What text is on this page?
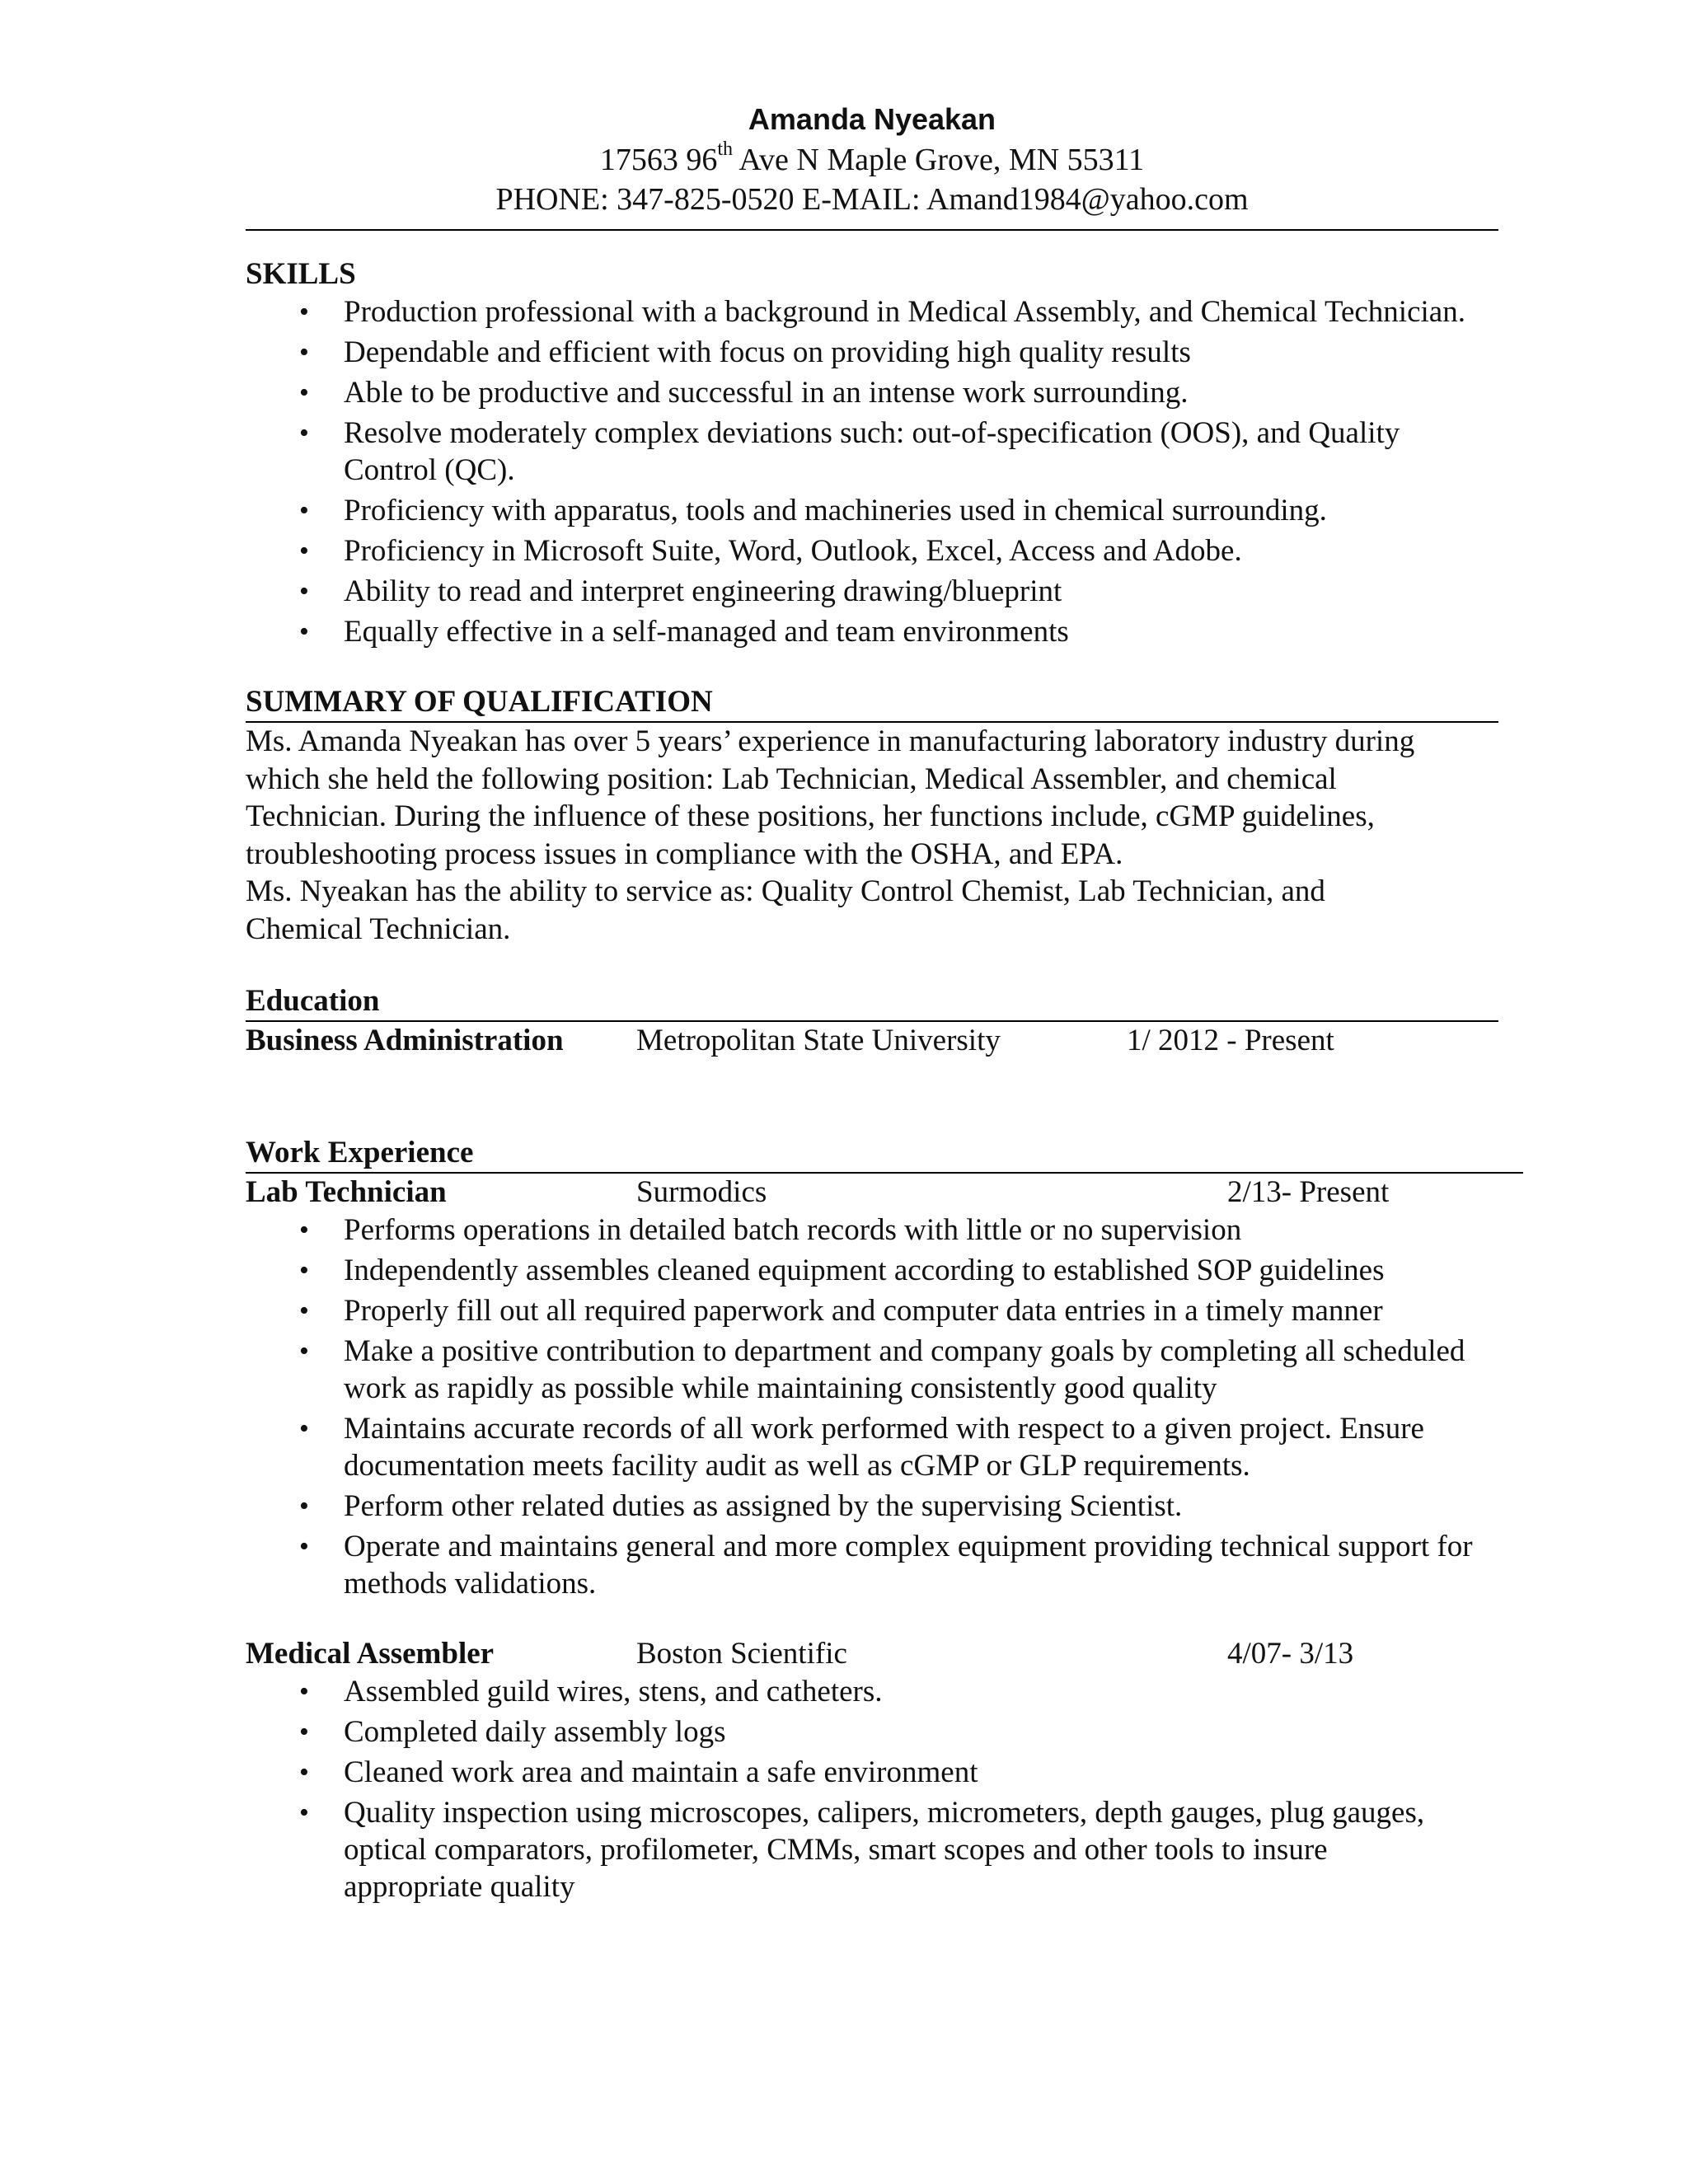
Amanda Nyeakan

17563 96th Ave N Maple Grove, MN 55311

PHONE: 347-825-0520 E-MAIL: Amand1984@yahoo.com

SKILLS

• Production professional with a background in Medical Assembly, and Chemical Technician.
• Dependable and efficient with focus on providing high quality results
• Able to be productive and successful in an intense work surrounding.
• Resolve moderately complex deviations such: out-of-specification (OOS), and Quality Control (QC).
• Proficiency with apparatus, tools and machineries used in chemical surrounding.
• Proficiency in Microsoft Suite, Word, Outlook, Excel, Access and Adobe.
• Ability to read and interpret engineering drawing/blueprint
• Equally effective in a self-managed and team environments

SUMMARY OF QUALIFICATION

Ms. Amanda Nyeakan has over 5 years’ experience in manufacturing laboratory industry during which she held the following position: Lab Technician, Medical Assembler, and chemical Technician. During the influence of these positions, her functions include, cGMP guidelines, troubleshooting process issues in compliance with the OSHA, and EPA.

Ms. Nyeakan has the ability to service as: Quality Control Chemist, Lab Technician, and Chemical Technician.

Education

Business Administration	Metropolitan State University	1/ 2012 - Present

Work Experience

Lab Technician	Surmodics	2/13- Present
• Performs operations in detailed batch records with little or no supervision
• Independently assembles cleaned equipment according to established SOP guidelines
• Properly fill out all required paperwork and computer data entries in a timely manner
• Make a positive contribution to department and company goals by completing all scheduled work as rapidly as possible while maintaining consistently good quality
• Maintains accurate records of all work performed with respect to a given project. Ensure documentation meets facility audit as well as cGMP or GLP requirements.
• Perform other related duties as assigned by the supervising Scientist.
• Operate and maintains general and more complex equipment providing technical support for methods validations.
Medical Assembler	Boston Scientific	4/07- 3/13
• Assembled guild wires, stens, and catheters.
• Completed daily assembly logs
• Cleaned work area and maintain a safe environment
• Quality inspection using microscopes, calipers, micrometers, depth gauges, plug gauges, optical comparators, profilometer, CMMs, smart scopes and other tools to insure appropriate quality
